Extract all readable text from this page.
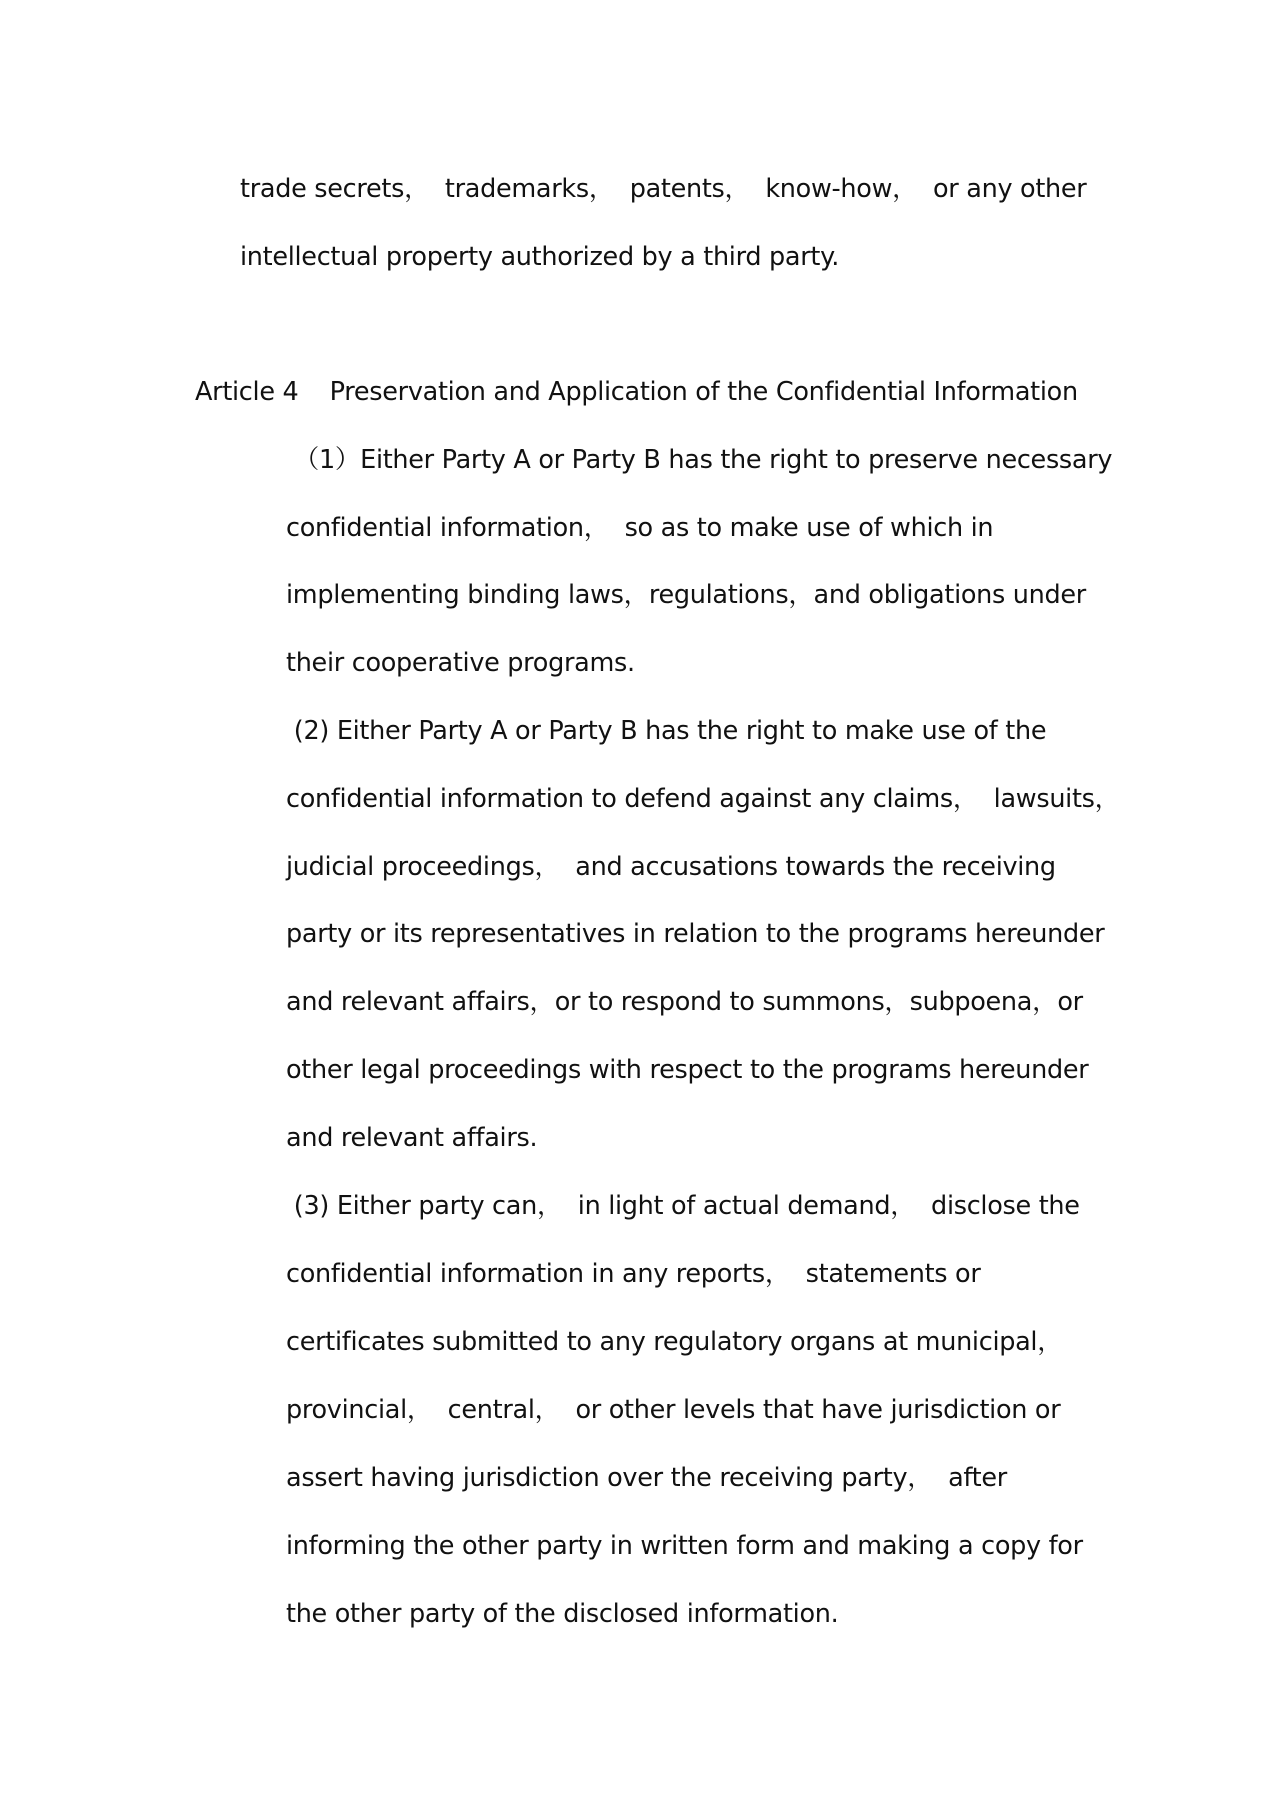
trade secrets，  trademarks，  patents，  know-how，  or any other
intellectual property authorized by a third party.
Article 4    Preservation and Application of the Confidential Information
（1）Either Party A or Party B has the right to preserve necessary
confidential information，  so as to make use of which in
implementing binding laws，regulations，and obligations under
their cooperative programs.
(2) Either Party A or Party B has the right to make use of the
confidential information to defend against any claims，  lawsuits，
judicial proceedings，  and accusations towards the receiving
party or its representatives in relation to the programs hereunder
and relevant affairs，or to respond to summons，subpoena，or
other legal proceedings with respect to the programs hereunder
and relevant affairs.
(3) Either party can，  in light of actual demand，  disclose the
confidential information in any reports，  statements or
certificates submitted to any regulatory organs at municipal，
provincial，  central，  or other levels that have jurisdiction or
assert having jurisdiction over the receiving party，  after
informing the other party in written form and making a copy for
the other party of the disclosed information.
